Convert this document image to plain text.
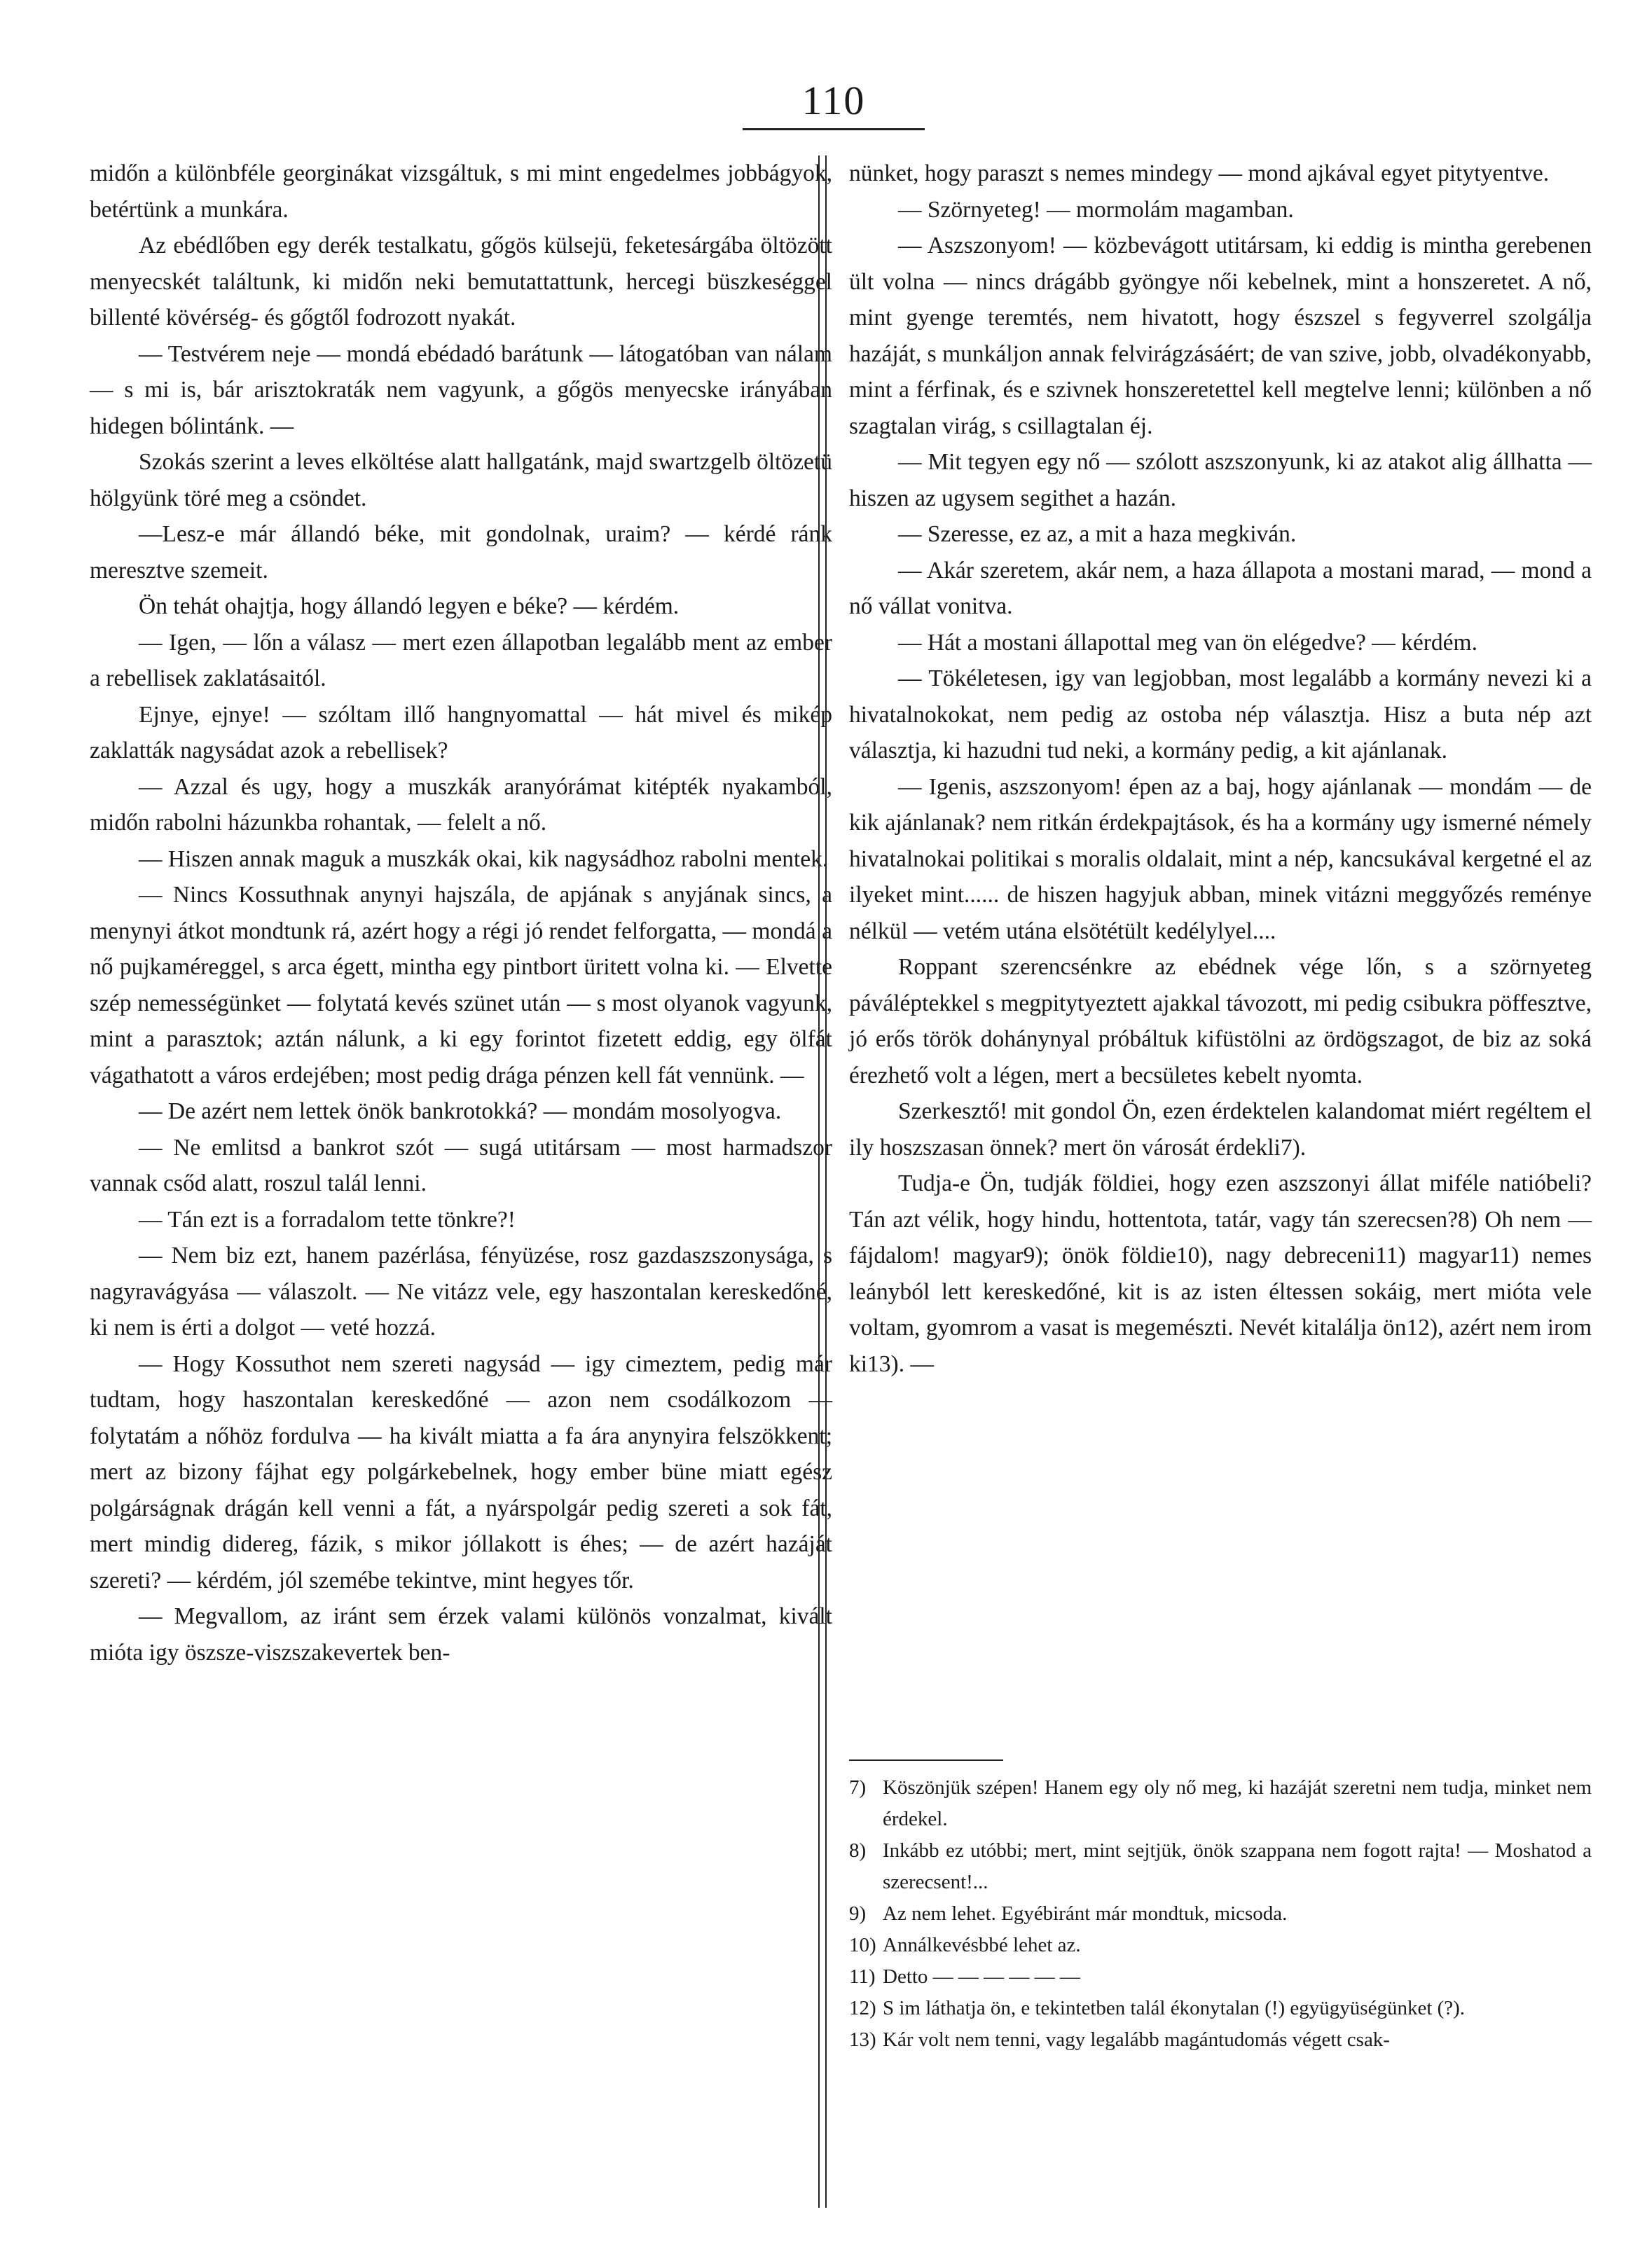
110

midőn a különbféle georginákat vizsgáltuk, s mi mint engedelmes jobbágyok, betértünk a munkára.

Az ebédlőben egy derék testalkatu, gőgös külsejü, feketesárgába öltözött menyecskét találtunk, ki midőn neki bemutattattunk, hercegi büszkeséggel billenté kövérség- és gőgtől fodrozott nyakát.

— Testvérem neje — mondá ebédadó barátunk — látogatóban van nálam — s mi is, bár arisztokraták nem vagyunk, a gőgös menyecske irányában hidegen bólintánk. —

Szokás szerint a leves elköltése alatt hallgatánk, majd swartzgelb öltözetü hölgyünk töré meg a csöndet.

—Lesz-e már állandó béke, mit gondolnak, uraim? — kérdé ránk meresztve szemeit.

Ön tehát ohajtja, hogy állandó legyen e béke? — kérdém.

— Igen, — lőn a válasz — mert ezen állapotban legalább ment az ember a rebellisek zaklatásaitól.

Ejnye, ejnye! — szóltam illő hangnyomattal — hát mivel és mikép zaklatták nagysádat azok a rebellisek?

— Azzal és ugy, hogy a muszkák aranyórámat kitépték nyakamból, midőn rabolni házunkba rohantak, — felelt a nő.

— Hiszen annak maguk a muszkák okai, kik nagysádhoz rabolni mentek.

— Nincs Kossuthnak anynyi hajszála, de apjának s anyjának sincs, a menynyi átkot mondtunk rá, azért hogy a régi jó rendet felforgatta, — mondá a nő pujkaméreggel, s arca égett, mintha egy pintbort üritett volna ki. — Elvette szép nemességünket — folytatá kevés szünet után — s most olyanok vagyunk, mint a parasztok; aztán nálunk, a ki egy forintot fizetett eddig, egy ölfát vágathatott a város erdejében; most pedig drága pénzen kell fát vennünk. —

— De azért nem lettek önök bankrotokká? — mondám mosolyogva.

— Ne emlitsd a bankrot szót — sugá utitársam — most harmadszor vannak csőd alatt, roszul talál lenni.

— Tán ezt is a forradalom tette tönkre?!

— Nem biz ezt, hanem pazérlása, fényüzése, rosz gazdaszszonysága, s nagyravágyása — válaszolt. — Ne vitázz vele, egy haszontalan kereskedőné, ki nem is érti a dolgot — veté hozzá.

— Hogy Kossuthot nem szereti nagysád — igy cimeztem, pedig már tudtam, hogy haszontalan kereskedőné — azon nem csodálkozom — folytatám a nőhöz fordulva — ha kivált miatta a fa ára anynyira felszökkent; mert az bizony fájhat egy polgárkebelnek, hogy ember büne miatt egész polgárságnak drágán kell venni a fát, a nyárspolgár pedig szereti a sok fát, mert mindig didereg, fázik, s mikor jóllakott is éhes; — de azért hazáját szereti? — kérdém, jól szemébe tekintve, mint hegyes tőr.

— Megvallom, az iránt sem érzek valami különös vonzalmat, kivált mióta igy öszsze-viszszakevertek ben-

nünket, hogy paraszt s nemes mindegy — mond ajkával egyet pitytyentve.

— Szörnyeteg! — mormolám magamban.

— Aszszonyom! — közbevágott utitársam, ki eddig is mintha gerebenen ült volna — nincs drágább gyöngye női kebelnek, mint a honszeretet. A nő, mint gyenge teremtés, nem hivatott, hogy észszel s fegyverrel szolgálja hazáját, s munkáljon annak felvirágzásáért; de van szive, jobb, olvadékonyabb, mint a férfinak, és e szivnek honszeretettel kell megtelve lenni; különben a nő szagtalan virág, s csillagtalan éj.

— Mit tegyen egy nő — szólott aszszonyunk, ki az atakot alig állhatta — hiszen az ugysem segithet a hazán.

— Szeresse, ez az, a mit a haza megkiván.

— Akár szeretem, akár nem, a haza állapota a mostani marad, — mond a nő vállat vonitva.

— Hát a mostani állapottal meg van ön elégedve? — kérdém.

— Tökéletesen, igy van legjobban, most legalább a kormány nevezi ki a hivatalnokokat, nem pedig az ostoba nép választja. Hisz a buta nép azt választja, ki hazudni tud neki, a kormány pedig, a kit ajánlanak.

— Igenis, aszszonyom! épen az a baj, hogy ajánlanak — mondám — de kik ajánlanak? nem ritkán érdekpajtások, és ha a kormány ugy ismerné némely hivatalnokai politikai s moralis oldalait, mint a nép, kancsukával kergetné el az ilyeket mint...... de hiszen hagyjuk abban, minek vitázni meggyőzés reménye nélkül — vetém utána elsötétült kedélylyel....

Roppant szerencsénkre az ebédnek vége lőn, s a szörnyeteg páváléptekkel s megpitytyeztett ajakkal távozott, mi pedig csibukra pöffesztve, jó erős török dohánynyal próbáltuk kifüstölni az ördögszagot, de biz az soká érezhető volt a légen, mert a becsületes kebelt nyomta.

Szerkesztő! mit gondol Ön, ezen érdektelen kalandomat miért regéltem el ily hoszszasan önnek? mert ön városát érdekli7).

Tudja-e Ön, tudják földiei, hogy ezen aszszonyi állat miféle natióbeli? Tán azt vélik, hogy hindu, hottentota, tatár, vagy tán szerecsen?8) Oh nem — fájdalom! magyar9); önök földie10), nagy debreceni11) magyar11) nemes leányból lett kereskedőné, kit is az isten éltessen sokáig, mert mióta vele voltam, gyomrom a vasat is megemészti. Nevét kitalálja ön12), azért nem irom ki13). —

7) Köszönjük szépen! Hanem egy oly nő meg, ki hazáját szeretni nem tudja, minket nem érdekel.
8) Inkább ez utóbbi; mert, mint sejtjük, önök szappana nem fogott rajta! — Moshatod a szerecsent!...
9) Az nem lehet. Egyébiránt már mondtuk, micsoda.
10) Annálkevésbbé lehet az.
11) Detto — — — — — —
12) S im láthatja ön, e tekintetben talál ékonytalan (!) együgyüségünket (?).
13) Kár volt nem tenni, vagy legalább magántudomás végett csak-
